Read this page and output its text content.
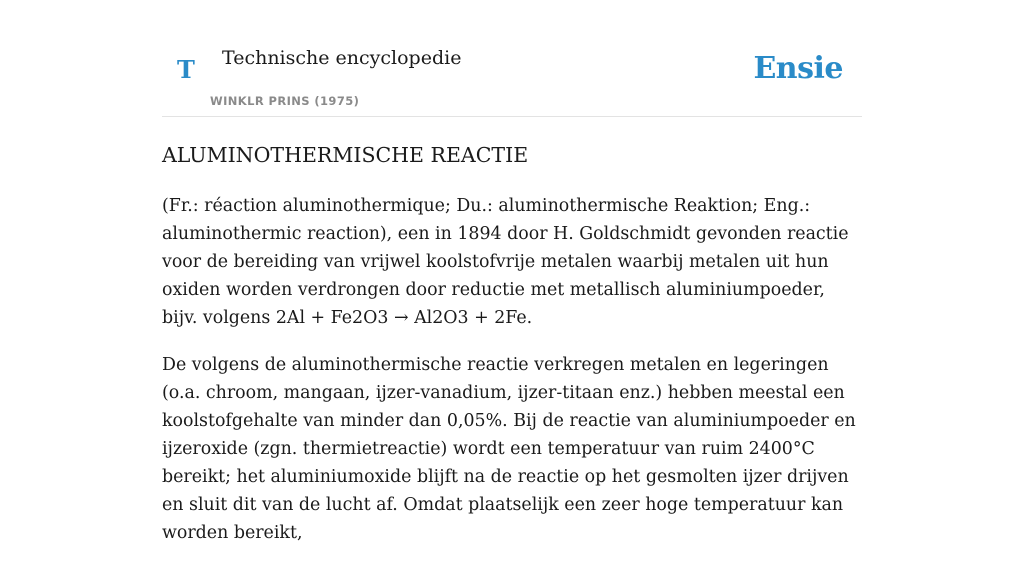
T Technische encyclopedie
WINKLR PRINS (1975)
Ensie
ALUMINOTHERMISCHE REACTIE

(Fr.: réaction aluminothermique; Du.: aluminothermische Reaktion; Eng.: aluminothermic reaction), een in 1894 door H. Goldschmidt gevonden reactie voor de bereiding van vrijwel koolstofvrije metalen waarbij metalen uit hun oxiden worden verdrongen door reductie met metallisch aluminiumpoeder, bijv. volgens 2Al + Fe2O3 → Al2O3 + 2Fe.

De volgens de aluminothermische reactie verkregen metalen en legeringen (o.a. chroom, mangaan, ijzer-vanadium, ijzer-titaan enz.) hebben meestal een koolstofgehalte van minder dan 0,05%. Bij de reactie van aluminiumpoeder en ijzeroxide (zgn. thermietreactie) wordt een temperatuur van ruim 2400°C bereikt; het aluminiumoxide blijft na de reactie op het gesmolten ijzer drijven en sluit dit van de lucht af. Omdat plaatselijk een zeer hoge temperatuur kan worden bereikt,
